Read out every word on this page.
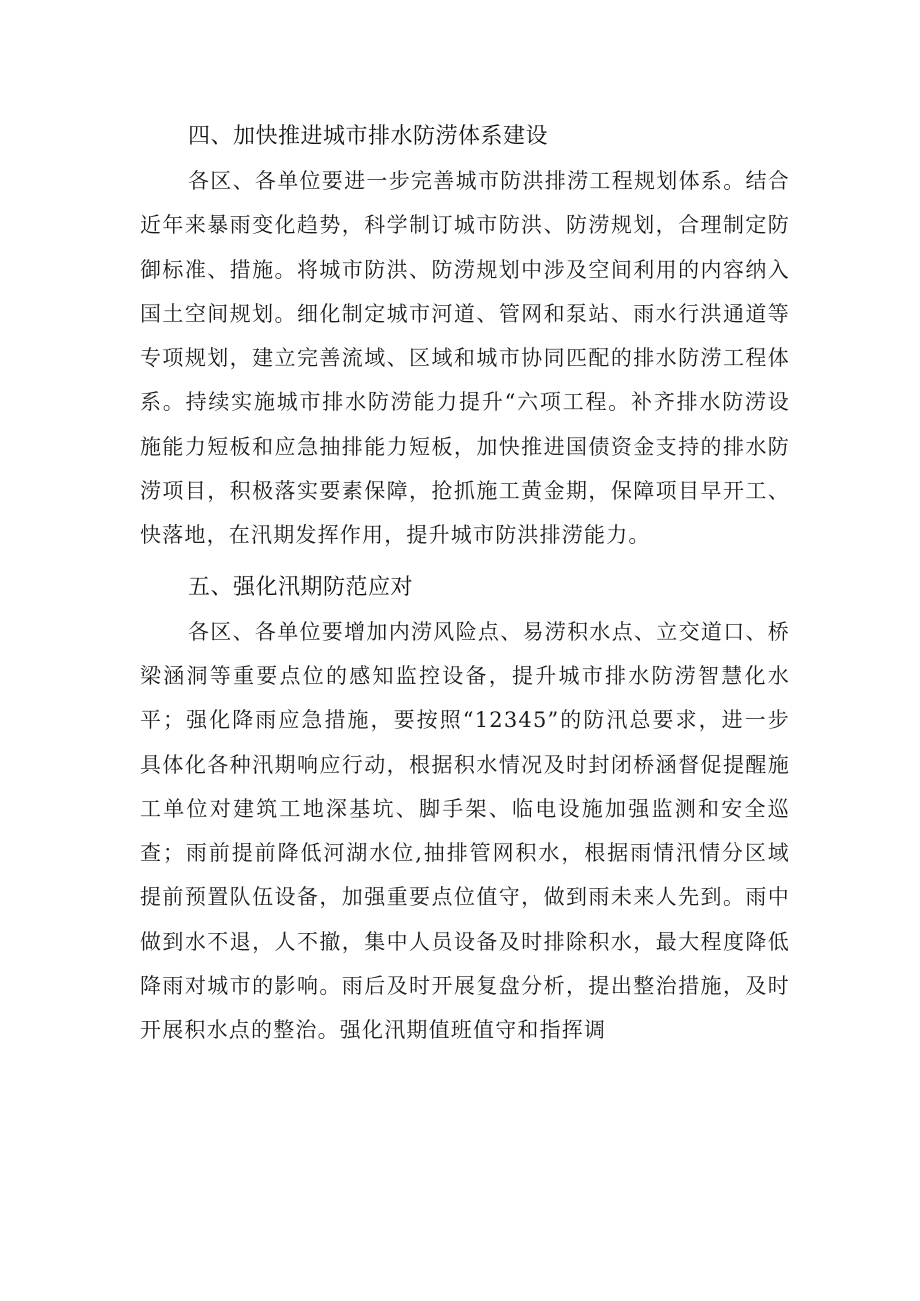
四、加快推进城市排水防涝体系建设

各区、各单位要进一步完善城市防洪排涝工程规划体系。结合近年来暴雨变化趋势，科学制订城市防洪、防涝规划，合理制定防御标准、措施。将城市防洪、防涝规划中涉及空间利用的内容纳入国土空间规划。细化制定城市河道、管网和泵站、雨水行洪通道等专项规划，建立完善流域、区域和城市协同匹配的排水防涝工程体系。持续实施城市排水防涝能力提升“六项工程。补齐排水防涝设施能力短板和应急抽排能力短板，加快推进国债资金支持的排水防涝项目，积极落实要素保障，抢抓施工黄金期，保障项目早开工、快落地，在汛期发挥作用，提升城市防洪排涝能力。

五、强化汛期防范应对

各区、各单位要增加内涝风险点、易涝积水点、立交道口、桥梁涵洞等重要点位的感知监控设备，提升城市排水防涝智慧化水平；强化降雨应急措施，要按照“12345”的防汛总要求，进一步具体化各种汛期响应行动，根据积水情况及时封闭桥涵督促提醒施工单位对建筑工地深基坑、脚手架、临电设施加强监测和安全巡查；雨前提前降低河湖水位,抽排管网积水，根据雨情汛情分区域提前预置队伍设备，加强重要点位值守，做到雨未来人先到。雨中做到水不退，人不撤，集中人员设备及时排除积水，最大程度降低降雨对城市的影响。雨后及时开展复盘分析，提出整治措施，及时开展积水点的整治。强化汛期值班值守和指挥调
